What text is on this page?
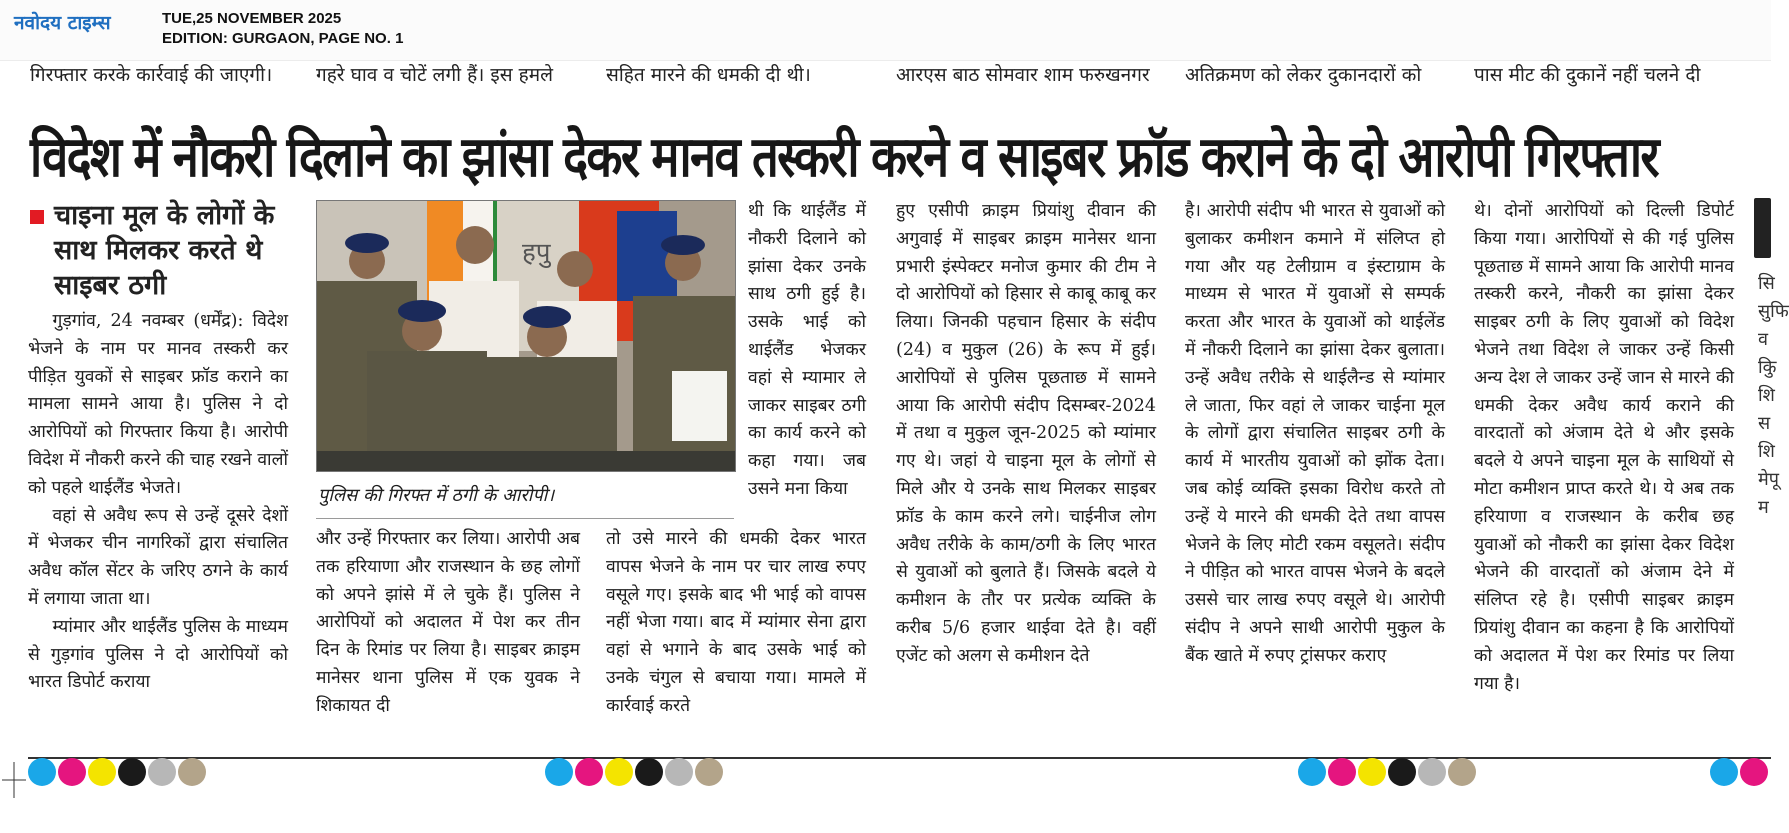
नवोदय टाइम्स	TUE,25 NOVEMBER 2025
EDITION: GURGAON, PAGE NO. 1
गिरफ्तार करके कार्रवाई की जाएगी।	गहरे घाव व चोटें लगी हैं। इस हमले	सहित मारने की धमकी दी थी।	आरएस बाठ सोमवार शाम फरुखनगर	अतिक्रमण को लेकर दुकानदारों को	पास मीट की दुकानें नहीं चलने दी
विदेश में नौकरी दिलाने का झांसा देकर मानव तस्करी करने व साइबर फ्रॉड कराने के दो आरोपी गिरफ्तार
चाइना मूल के लोगों के साथ मिलकर करते थे साइबर ठगी

गुड़गांव, 24 नवम्बर (धर्मेंद्र): विदेश भेजने के नाम पर मानव तस्करी कर पीड़ित युवकों से साइबर फ्रॉड कराने का मामला सामने आया है। पुलिस ने दो आरोपियों को गिरफ्तार किया है। आरोपी विदेश में नौकरी करने की चाह रखने वालों को पहले थाईलैंड भेजते।

वहां से अवैध रूप से उन्हें दूसरे देशों में भेजकर चीन नागरिकों द्वारा संचालित अवैध कॉल सेंटर के जरिए ठगने के कार्य में लगाया जाता था।

म्यांमार और थाईलैंड पुलिस के माध्यम से गुड़गांव पुलिस ने दो आरोपियों को भारत डिपोर्ट कराया

हपु
पुलिस की गिरफ्त में ठगी के आरोपी।

और उन्हें गिरफ्तार कर लिया। आरोपी अब तक हरियाणा और राजस्थान के छह लोगों को अपने झांसे में ले चुके हैं। पुलिस ने आरोपियों को अदालत में पेश कर तीन दिन के रिमांड पर लिया है। साइबर क्राइम मानेसर थाना पुलिस में एक युवक ने शिकायत दी

थी कि थाईलैंड में नौकरी दिलाने को झांसा देकर उनके साथ ठगी हुई है। उसके भाई को थाईलैंड भेजकर वहां से म्यामार ले जाकर साइबर ठगी का कार्य करने को कहा गया। जब उसने मना किया

तो उसे मारने की धमकी देकर भारत वापस भेजने के नाम पर चार लाख रुपए वसूले गए। इसके बाद भी भाई को वापस नहीं भेजा गया। बाद में म्यांमार सेना द्वारा वहां से भगाने के बाद उसके भाई को उनके चंगुल से बचाया गया। मामले में कार्रवाई करते

हुए एसीपी क्राइम प्रियांशु दीवान की अगुवाई में साइबर क्राइम मानेसर थाना प्रभारी इंस्पेक्टर मनोज कुमार की टीम ने दो आरोपियों को हिसार से काबू काबू कर लिया। जिनकी पहचान हिसार के संदीप (24) व मुकुल (26) के रूप में हुई। आरोपियों से पुलिस पूछताछ में सामने आया कि आरोपी संदीप दिसम्बर-2024 में तथा व मुकुल जून-2025 को म्यांमार गए थे। जहां ये चाइना मूल के लोगों से मिले और ये उनके साथ मिलकर साइबर फ्रॉड के काम करने लगे। चाईनीज लोग अवैध तरीके के काम/ठगी के लिए भारत से युवाओं को बुलाते हैं। जिसके बदले ये कमीशन के तौर पर प्रत्येक व्यक्ति के करीब 5/6 हजार थाईवा देते है। वहीं एजेंट को अलग से कमीशन देते

है। आरोपी संदीप भी भारत से युवाओं को बुलाकर कमीशन कमाने में संलिप्त हो गया और यह टेलीग्राम व इंस्टाग्राम के माध्यम से भारत में युवाओं से सम्पर्क करता और भारत के युवाओं को थाईलेंड में नौकरी दिलाने का झांसा देकर बुलाता। उन्हें अवैध तरीके से थाईलैन्ड से म्यांमार ले जाता, फिर वहां ले जाकर चाईना मूल के लोगों द्वारा संचालित साइबर ठगी के कार्य में भारतीय युवाओं को झोंक देता। जब कोई व्यक्ति इसका विरोध करते तो उन्हें ये मारने की धमकी देते तथा वापस भेजने के लिए मोटी रकम वसूलते। संदीप ने पीड़ित को भारत वापस भेजने के बदले उससे चार लाख रुपए वसूले थे। आरोपी संदीप ने अपने साथी आरोपी मुकुल के बैंक खाते में रुपए ट्रांसफर कराए

थे। दोनों आरोपियों को दिल्ली डिपोर्ट किया गया। आरोपियों से की गई पुलिस पूछताछ में सामने आया कि आरोपी मानव तस्करी करने, नौकरी का झांसा देकर साइबर ठगी के लिए युवाओं को विदेश भेजने तथा विदेश ले जाकर उन्हें किसी अन्य देश ले जाकर उन्हें जान से मारने की धमकी देकर अवैध कार्य कराने की वारदातों को अंजाम देते थे और इसके बदले ये अपने चाइना मूल के साथियों से मोटा कमीशन प्राप्त करते थे। ये अब तक हरियाणा व राजस्थान के करीब छह युवाओं को नौकरी का झांसा देकर विदेश भेजने की वारदातों को अंजाम देने में संलिप्त रहे है। एसीपी साइबर क्राइम प्रियांशु दीवान का कहना है कि आरोपियों को अदालत में पेश कर रिमांड पर लिया गया है।

सिसुफिवकुि शिसशि मेपूम
